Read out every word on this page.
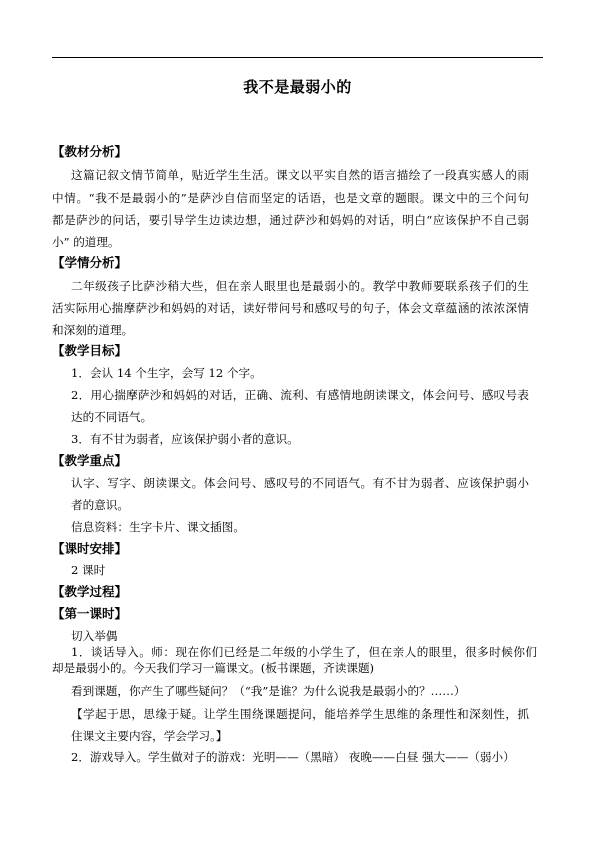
我不是最弱小的
【教材分析】
这篇记叙文情节简单，贴近学生生活。课文以平实自然的语言描绘了一段真实感人的雨
中情。“我不是最弱小的”是萨沙自信而坚定的话语，也是文章的题眼。课文中的三个问句
都是萨沙的问话，要引导学生边读边想，通过萨沙和妈妈的对话，明白“应该保护不自己弱
小” 的道理。
【学情分析】
二年级孩子比萨沙稍大些，但在亲人眼里也是最弱小的。教学中教师要联系孩子们的生
活实际用心揣摩萨沙和妈妈的对话，读好带问号和感叹号的句子，体会文章蕴涵的浓浓深情
和深刻的道理。
【教学目标】
1．会认 14 个生字，会写 12 个字。
2．用心揣摩萨沙和妈妈的对话，正确、流利、有感情地朗读课文，体会问号、感叹号表
达的不同语气。
3．有不甘为弱者，应该保护弱小者的意识。
【教学重点】
认字、写字、朗读课文。体会问号、感叹号的不同语气。有不甘为弱者、应该保护弱小
者的意识。
信息资料：生字卡片、课文插图。
【课时安排】
2 课时
【教学过程】
【第一课时】
切入举偶
1．谈话导入。师：现在你们已经是二年级的小学生了，但在亲人的眼里，很多时候你们
却是最弱小的。今天我们学习一篇课文。(板书课题，齐读课题)
看到课题，你产生了哪些疑问？（“我”是谁？为什么说我是最弱小的？……）
【学起于思，思缘于疑。让学生围绕课题提问，能培养学生思维的条理性和深刻性，抓
住课文主要内容，学会学习。】
2．游戏导入。学生做对子的游戏：光明——（黑暗） 夜晚——白昼 强大——（弱小）
